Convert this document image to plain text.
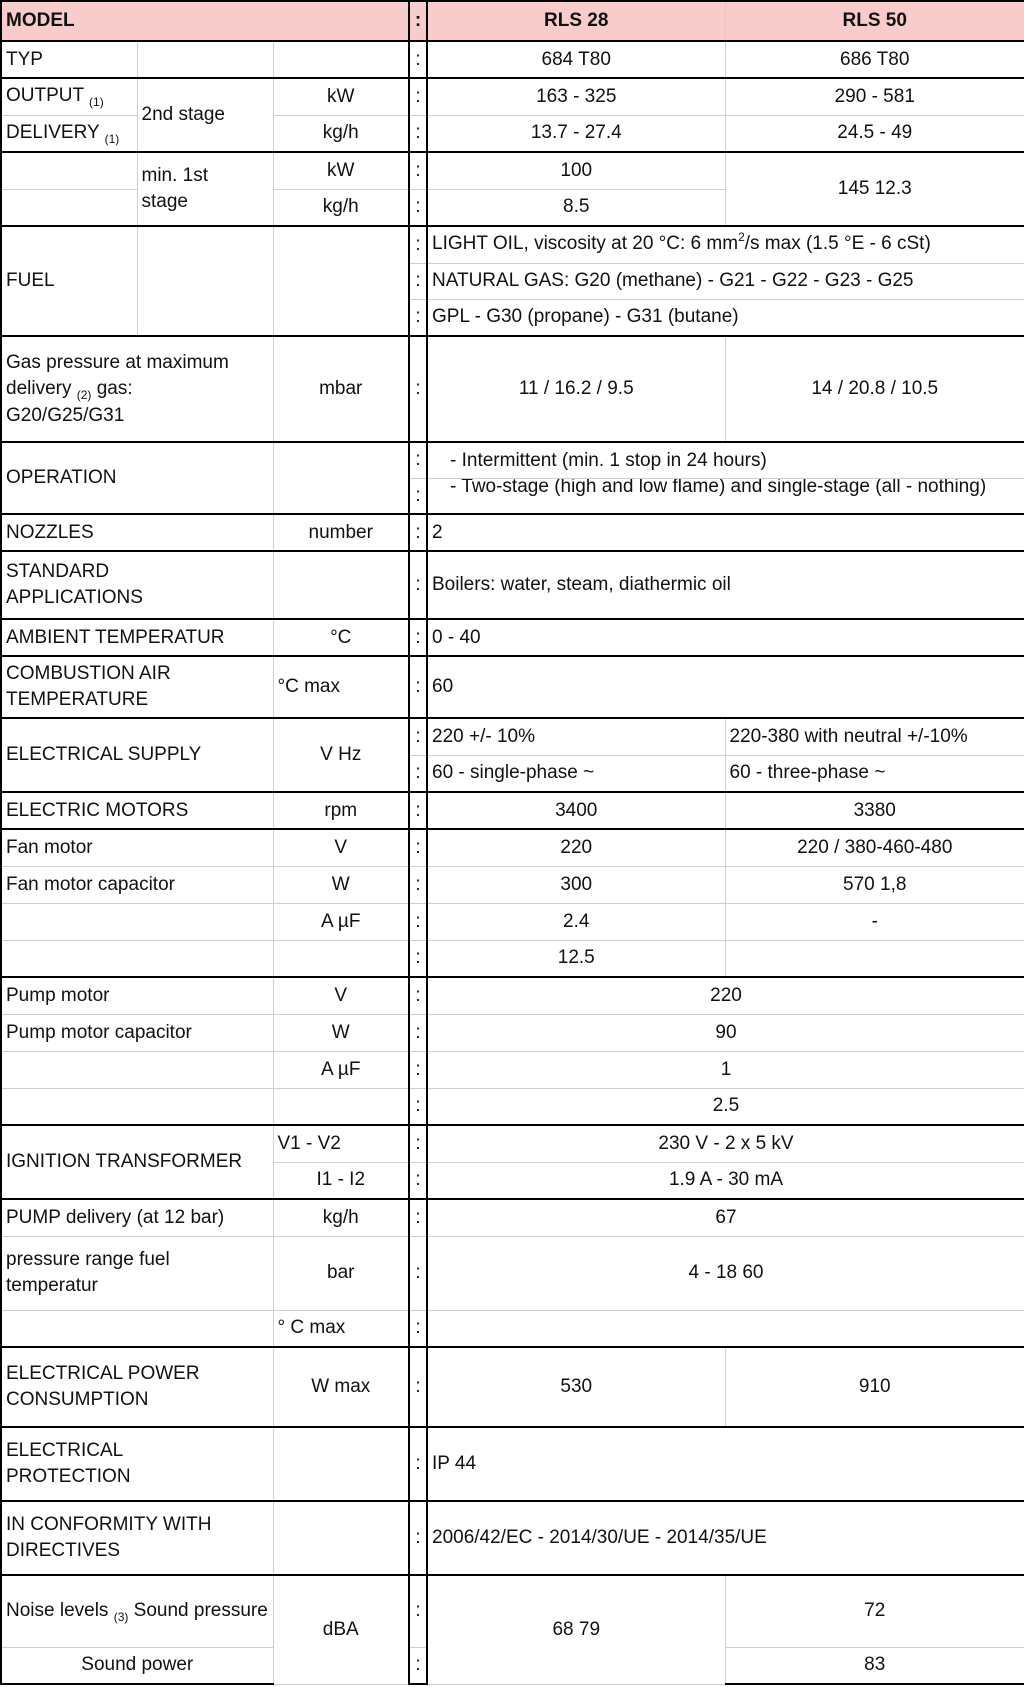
MODEL			:	RLS 28	RLS 50
TYP			:	684 T80	686 T80
OUTPUT $_{(1)}$	2nd stage	kW	:	163 - 325	290 - 581
DELIVERY $_{(1)}$		kg/h	:	13.7 - 27.4	24.5 - 49
	min. 1st stage	kW	:	100	145 12.3
		kg/h	:	8.5	
FUEL			:	LIGHT OIL, viscosity at 20 °C: 6 $mm^2/s$ max (1.5 °E - 6 cSt)	
			:	NATURAL GAS: G20 (methane) - G21 - G22 - G23 - G25	
			:	GPL - G30 (propane) - G31 (butane)	
Gas pressure at maximum
delivery $_{(2)}$ gas:
G20/G25/G31		mbar	:	11 / 16.2 / 9.5	14 / 20.8 / 10.5
OPERATION			:	- Intermittent (min. 1 stop in 24 hours)	

			:	- Two-stage (high and low flame) and single-stage (all - nothing)	

NOZZLES		number	:	2	
STANDARD APPLICATIONS			:	Boilers: water, steam, diathermic oil	
AMBIENT TEMPERATUR		°C	:	0 - 40	
COMBUSTION AIR TEMPERATURE		°C max	:	60	
ELECTRICAL SUPPLY		V Hz	:	220 +/- 10%	220-380 with neutral +/-10%
			:	60 - single-phase ~	60 - three-phase ~
ELECTRIC MOTORS		rpm	:	3400	3380
Fan motor		V	:	220	220 / 380-460-480
Fan motor capacitor		W	:	300	570 1,8
		A µF	:	2.4	-
			:	12.5	
Pump motor		V	:	220	
Pump motor capacitor		W	:	90	
		A µF	:	1	
			:	2.5	
IGNITION TRANSFORMER		V1 - V2	:	230 V - 2 x 5 kV	
		I1 - I2	:	1.9 A - 30 mA	
PUMP delivery (at 12 bar)		kg/h	:	67	
pressure range fuel temperatur		bar	:	4 - 18 60	
		° C max	:		
ELECTRICAL POWER CONSUMPTION		W max	:	530	910
ELECTRICAL PROTECTION			:	IP 44	
IN CONFORMITY WITH DIRECTIVES			:	2006/42/EC - 2014/30/UE - 2014/35/UE	
Noise levels $_{(3)}$ Sound pressure		dBA	:	68 79	72
Sound power			:		83
